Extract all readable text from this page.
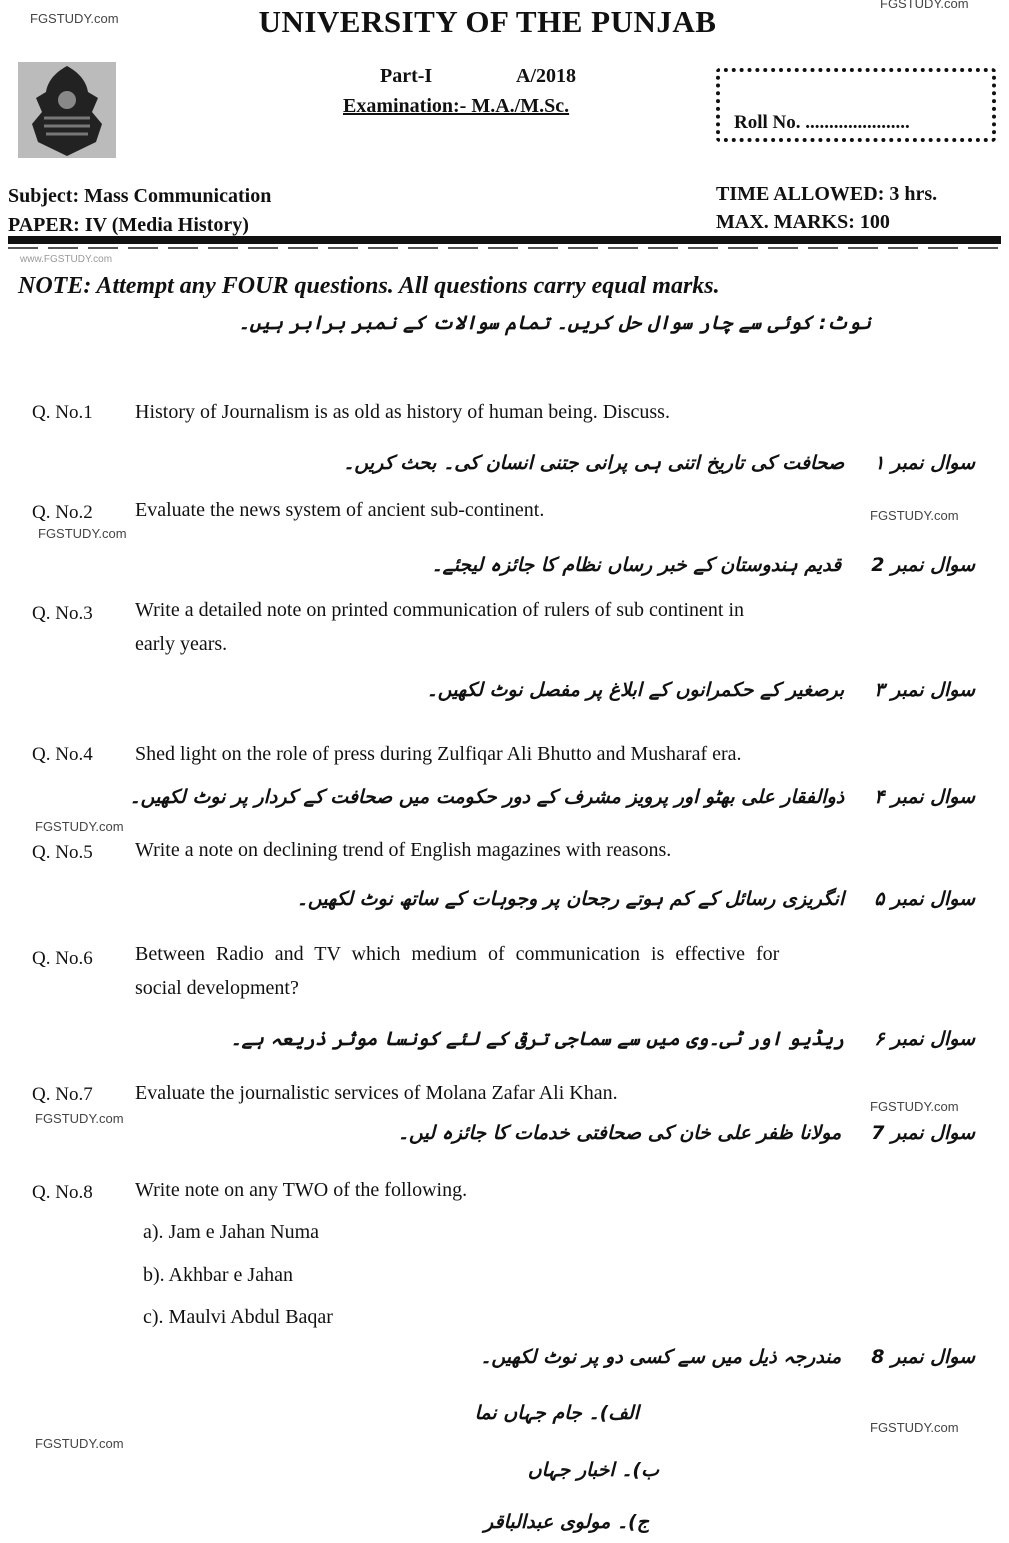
FGSTUDY.com
FGSTUDY.com
www.FGSTUDY.com
FGSTUDY.com
FGSTUDY.com
FGSTUDY.com
FGSTUDY.com
FGSTUDY.com
FGSTUDY.com
FGSTUDY.com
UNIVERSITY OF THE PUNJAB
Part-I	A/2018
Examination:- M.A./M.Sc.
Roll No. ......................
Subject: Mass Communication
PAPER: IV (Media History)
TIME ALLOWED: 3 hrs.
MAX. MARKS: 100
NOTE: Attempt any FOUR questions. All questions carry equal marks.
نوٹ: کوئی سے چار سوال حل کریں۔ تمام سوالات کے نمبر برابر ہیں۔
Q. No.1 History of Journalism is as old as history of human being. Discuss.
سوال نمبر ۱
صحافت کی تاریخ اتنی ہی پرانی جتنی انسان کی۔ بحث کریں۔
Q. No.2 Evaluate the news system of ancient sub-continent.
سوال نمبر 2
قدیم ہندوستان کے خبر رساں نظام کا جائزہ لیجئے۔
Q. No.3 Write a detailed note on printed communication of rulers of sub continent in
early years.
سوال نمبر ۳
برصغیر کے حکمرانوں کے ابلاغ پر مفصل نوٹ لکھیں۔
Q. No.4 Shed light on the role of press during Zulfiqar Ali Bhutto and Musharaf era.
سوال نمبر ۴
ذوالفقار علی بھٹو اور پرویز مشرف کے دور حکومت میں صحافت کے کردار پر نوٹ لکھیں۔
Q. No.5 Write a note on declining trend of English magazines with reasons.
سوال نمبر ۵
انگریزی رسائل کے کم ہوتے رجحان پر وجوہات کے ساتھ نوٹ لکھیں۔
Q. No.6 Between Radio and TV which medium of communication is effective for
social development?
سوال نمبر ۶
ریڈیو اور ٹی۔وی میں سے سماجی ترقی کے لئے کونسا موثر ذریعہ ہے۔
Q. No.7 Evaluate the journalistic services of Molana Zafar Ali Khan.
سوال نمبر 7
مولانا ظفر علی خان کی صحافتی خدمات کا جائزہ لیں۔
Q. No.8 Write note on any TWO of the following.
a). Jam e Jahan Numa
b). Akhbar e Jahan
c). Maulvi Abdul Baqar
سوال نمبر 8
مندرجہ ذیل میں سے کسی دو پر نوٹ لکھیں۔
الف)۔ جام جہاں نما
ب)۔ اخبار جہاں
ج)۔ مولوی عبدالباقر
